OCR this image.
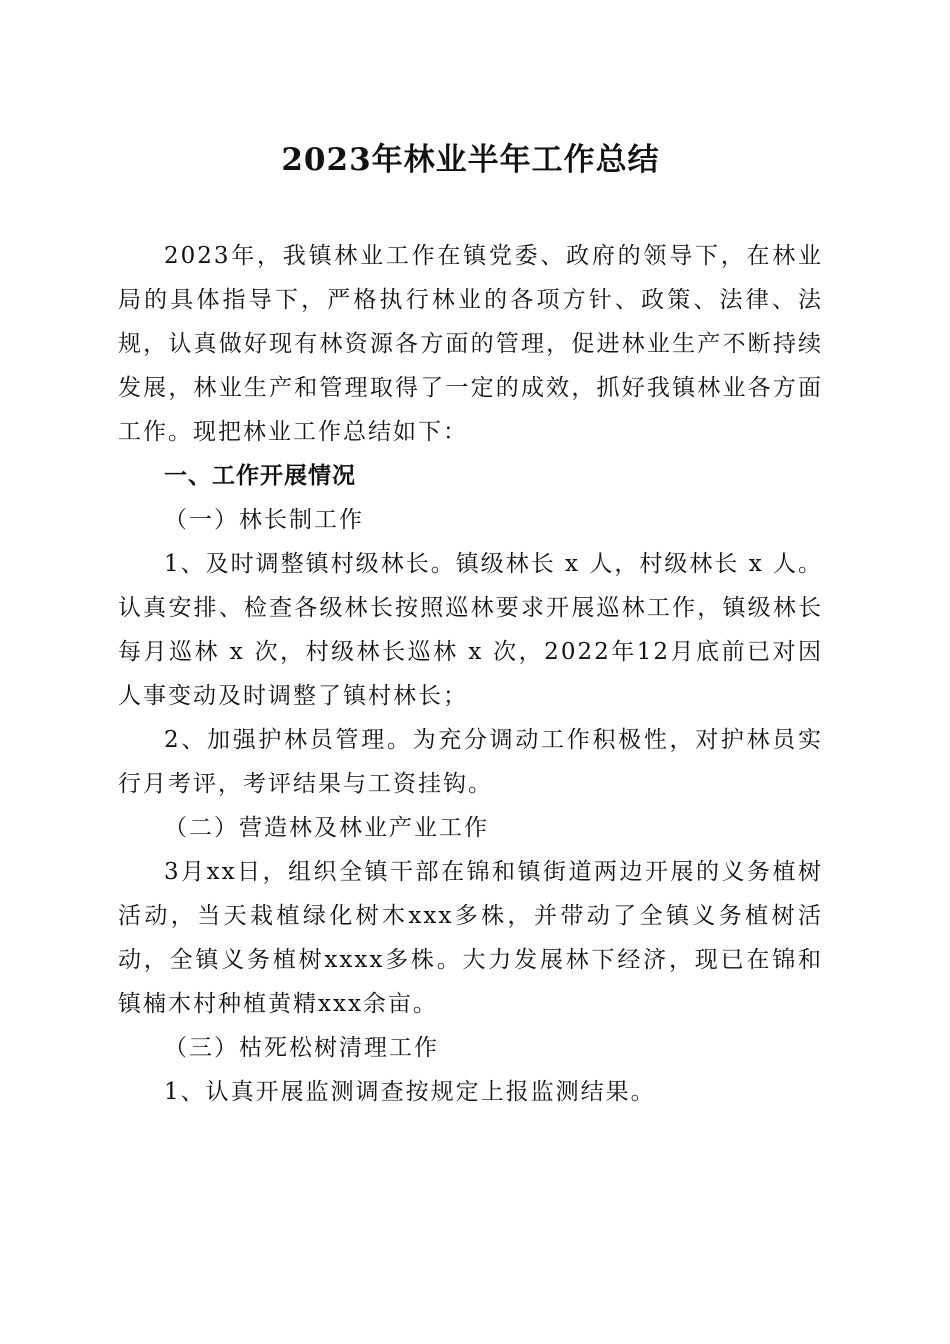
2023年林业半年工作总结

2023年，我镇林业工作在镇党委、政府的领导下，在林业局的具体指导下，严格执行林业的各项方针、政策、法律、法规，认真做好现有林资源各方面的管理，促进林业生产不断持续发展，林业生产和管理取得了一定的成效，抓好我镇林业各方面工作。现把林业工作总结如下：

一、工作开展情况

（一）林长制工作

1、及时调整镇村级林长。镇级林长 x 人，村级林长 x 人。认真安排、检查各级林长按照巡林要求开展巡林工作，镇级林长每月巡林 x 次，村级林长巡林 x 次，2022年12月底前已对因人事变动及时调整了镇村林长；

2、加强护林员管理。为充分调动工作积极性，对护林员实行月考评，考评结果与工资挂钩。

（二）营造林及林业产业工作

3月xx日，组织全镇干部在锦和镇街道两边开展的义务植树活动，当天栽植绿化树木xxx多株，并带动了全镇义务植树活动，全镇义务植树xxxx多株。大力发展林下经济，现已在锦和镇楠木村种植黄精xxx余亩。

（三）枯死松树清理工作

1、认真开展监测调查按规定上报监测结果。
